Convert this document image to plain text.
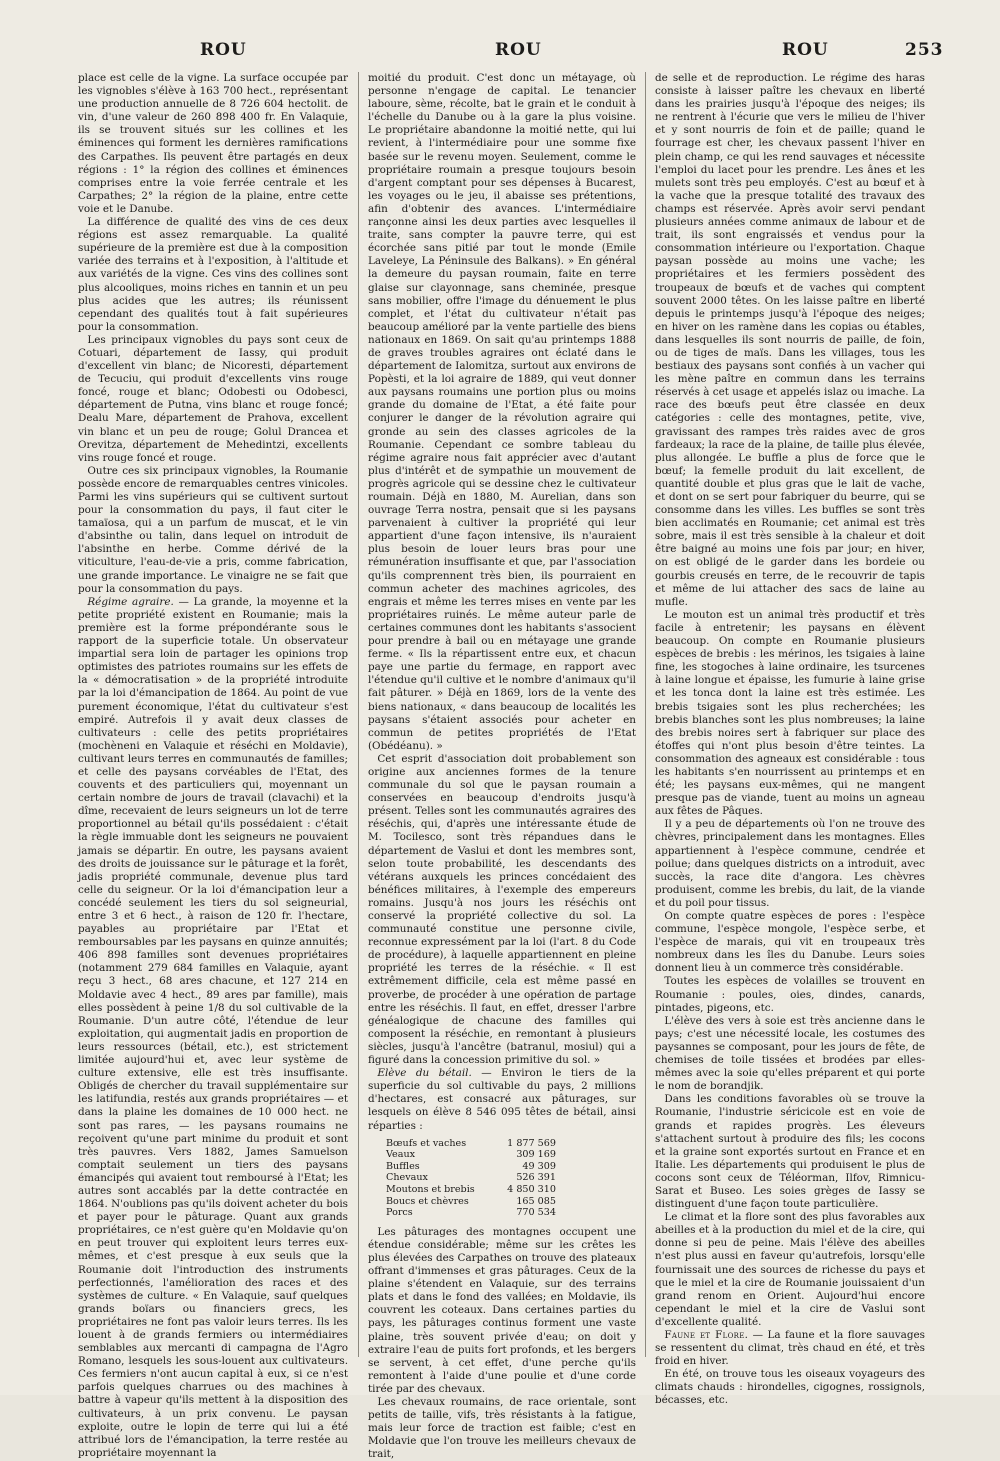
ROU	ROU	ROU	253

place est celle de la vigne. La surface occupée par les vignobles s'élève à 163 700 hect., représentant une production annuelle de 8 726 604 hectolit. de vin, d'une valeur de 260 898 400 fr. En Valaquie, ils se trouvent situés sur les collines et les éminences qui forment les dernières ramifications des Carpathes. Ils peuvent être partagés en deux régions : 1° la région des collines et éminences comprises entre la voie ferrée centrale et les Carpathes; 2° la région de la plaine, entre cette voie et le Danube.

La différence de qualité des vins de ces deux régions est assez remarquable. La qualité supérieure de la première est due à la composition variée des terrains et à l'exposition, à l'altitude et aux variétés de la vigne. Ces vins des collines sont plus alcooliques, moins riches en tannin et un peu plus acides que les autres; ils réunissent cependant des qualités tout à fait supérieures pour la consommation.

Les principaux vignobles du pays sont ceux de Cotuari, département de Iassy, qui produit d'excellent vin blanc; de Nicoresti, département de Tecuciu, qui produit d'excellents vins rouge foncé, rouge et blanc; Odobesti ou Odobesci, département de Putna, vins blanc et rouge foncé; Dealu Mare, département de Prahova, excellent vin blanc et un peu de rouge; Golul Drancea et Orevitza, département de Mehedintzi, excellents vins rouge foncé et rouge.

Outre ces six principaux vignobles, la Roumanie possède encore de remarquables centres vinicoles. Parmi les vins supérieurs qui se cultivent surtout pour la consommation du pays, il faut citer le tamaïosa, qui a un parfum de muscat, et le vin d'absinthe ou talin, dans lequel on introduit de l'absinthe en herbe. Comme dérivé de la viticulture, l'eau-de-vie a pris, comme fabrication, une grande importance. Le vinaigre ne se fait que pour la consommation du pays.

Régime agraire. — La grande, la moyenne et la petite propriété existent en Roumanie; mais la première est la forme prépondérante sous le rapport de la superficie totale. Un observateur impartial sera loin de partager les opinions trop optimistes des patriotes roumains sur les effets de la « démocratisation » de la propriété introduite par la loi d'émancipation de 1864. Au point de vue purement économique, l'état du cultivateur s'est empiré. Autrefois il y avait deux classes de cultivateurs : celle des petits propriétaires (mochèneni en Valaquie et réséchi en Moldavie), cultivant leurs terres en communautés de familles; et celle des paysans corvéables de l'Etat, des couvents et des particuliers qui, moyennant un certain nombre de jours de travail (clavachi) et la dîme, recevaient de leurs seigneurs un lot de terre proportionnel au bétail qu'ils possédaient : c'était la règle immuable dont les seigneurs ne pouvaient jamais se départir. En outre, les paysans avaient des droits de jouissance sur le pâturage et la forêt, jadis propriété communale, devenue plus tard celle du seigneur. Or la loi d'émancipation leur a concédé seulement les tiers du sol seigneurial, entre 3 et 6 hect., à raison de 120 fr. l'hectare, payables au propriétaire par l'Etat et remboursables par les paysans en quinze annuités; 406 898 familles sont devenues propriétaires (notamment 279 684 familles en Valaquie, ayant reçu 3 hect., 68 ares chacune, et 127 214 en Moldavie avec 4 hect., 89 ares par famille), mais elles possèdent à peine 1/8 du sol cultivable de la Roumanie. D'un autre côté, l'étendue de leur exploitation, qui augmentait jadis en proportion de leurs ressources (bétail, etc.), est strictement limitée aujourd'hui et, avec leur système de culture extensive, elle est très insuffisante. Obligés de chercher du travail supplémentaire sur les latifundia, restés aux grands propriétaires — et dans la plaine les domaines de 10 000 hect. ne sont pas rares, — les paysans roumains ne reçoivent qu'une part minime du produit et sont très pauvres. Vers 1882, James Samuelson comptait seulement un tiers des paysans émancipés qui avaient tout remboursé à l'Etat; les autres sont accablés par la dette contractée en 1864. N'oublions pas qu'ils doivent acheter du bois et payer pour le pâturage. Quant aux grands propriétaires, ce n'est guère qu'en Moldavie qu'on en peut trouver qui exploitent leurs terres eux-mêmes, et c'est presque à eux seuls que la Roumanie doit l'introduction des instruments perfectionnés, l'amélioration des races et des systèmes de culture. « En Valaquie, sauf quelques grands boïars ou financiers grecs, les propriétaires ne font pas valoir leurs terres. Ils les louent à de grands fermiers ou intermédiaires semblables aux mercanti di campagna de l'Agro Romano, lesquels les sous-louent aux cultivateurs. Ces fermiers n'ont aucun capital à eux, si ce n'est parfois quelques charrues ou des machines à battre à vapeur qu'ils mettent à la disposition des cultivateurs, à un prix convenu. Le paysan exploite, outre le lopin de terre qui lui a été attribué lors de l'émancipation, la terre restée au propriétaire moyennant la

moitié du produit. C'est donc un métayage, où personne n'engage de capital. Le tenancier laboure, sème, récolte, bat le grain et le conduit à l'échelle du Danube ou à la gare la plus voisine. Le propriétaire abandonne la moitié nette, qui lui revient, à l'intermédiaire pour une somme fixe basée sur le revenu moyen. Seulement, comme le propriétaire roumain a presque toujours besoin d'argent comptant pour ses dépenses à Bucarest, les voyages ou le jeu, il abaisse ses prétentions, afin d'obtenir des avances. L'intermédiaire rançonne ainsi les deux parties avec lesquelles il traite, sans compter la pauvre terre, qui est écorchée sans pitié par tout le monde (Emile Laveleye, La Péninsule des Balkans). » En général la demeure du paysan roumain, faite en terre glaise sur clayonnage, sans cheminée, presque sans mobilier, offre l'image du dénuement le plus complet, et l'état du cultivateur n'était pas beaucoup amélioré par la vente partielle des biens nationaux en 1869. On sait qu'au printemps 1888 de graves troubles agraires ont éclaté dans le département de Ialomitza, surtout aux environs de Popèsti, et la loi agraire de 1889, qui veut donner aux paysans roumains une portion plus ou moins grande du domaine de l'Etat, a été faite pour conjurer le danger de la révolution agraire qui gronde au sein des classes agricoles de la Roumanie. Cependant ce sombre tableau du régime agraire nous fait apprécier avec d'autant plus d'intérêt et de sympathie un mouvement de progrès agricole qui se dessine chez le cultivateur roumain. Déjà en 1880, M. Aurelian, dans son ouvrage Terra nostra, pensait que si les paysans parvenaient à cultiver la propriété qui leur appartient d'une façon intensive, ils n'auraient plus besoin de louer leurs bras pour une rémunération insuffisante et que, par l'association qu'ils comprennent très bien, ils pourraient en commun acheter des machines agricoles, des engrais et même les terres mises en vente par les propriétaires ruinés. Le même auteur parle de certaines communes dont les habitants s'associent pour prendre à bail ou en métayage une grande ferme. « Ils la répartissent entre eux, et chacun paye une partie du fermage, en rapport avec l'étendue qu'il cultive et le nombre d'animaux qu'il fait pâturer. » Déjà en 1869, lors de la vente des biens nationaux, « dans beaucoup de localités les paysans s'étaient associés pour acheter en commun de petites propriétés de l'Etat (Obédéanu). »

Cet esprit d'association doit probablement son origine aux anciennes formes de la tenure communale du sol que le paysan roumain a conservées en beaucoup d'endroits jusqu'à présent. Telles sont les communautés agraires des réséchis, qui, d'après une intéressante étude de M. Tocilesco, sont très répandues dans le département de Vaslui et dont les membres sont, selon toute probabilité, les descendants des vétérans auxquels les princes concédaient des bénéfices militaires, à l'exemple des empereurs romains. Jusqu'à nos jours les réséchis ont conservé la propriété collective du sol. La communauté constitue une personne civile, reconnue expressément par la loi (l'art. 8 du Code de procédure), à laquelle appartiennent en pleine propriété les terres de la réséchie. « Il est extrêmement difficile, cela est même passé en proverbe, de procéder à une opération de partage entre les réséchis. Il faut, en effet, dresser l'arbre généalogique de chacune des familles qui composent la réséchie, en remontant à plusieurs siècles, jusqu'à l'ancêtre (batranul, mosiul) qui a figuré dans la concession primitive du sol. »

Elève du bétail. — Environ le tiers de la superficie du sol cultivable du pays, 2 millions d'hectares, est consacré aux pâturages, sur lesquels on élève 8 546 095 têtes de bétail, ainsi réparties :

Bœufs et vaches	1 877 569
Veaux	309 169
Buffles	49 309
Chevaux	526 391
Moutons et brebis	4 850 310
Boucs et chèvres	165 085
Porcs	770 534

Les pâturages des montagnes occupent une étendue considérable; même sur les crêtes les plus élevées des Carpathes on trouve des plateaux offrant d'immenses et gras pâturages. Ceux de la plaine s'étendent en Valaquie, sur des terrains plats et dans le fond des vallées; en Moldavie, ils couvrent les coteaux. Dans certaines parties du pays, les pâturages continus forment une vaste plaine, très souvent privée d'eau; on doit y extraire l'eau de puits fort profonds, et les bergers se servent, à cet effet, d'une perche qu'ils remontent à l'aide d'une poulie et d'une corde tirée par des chevaux.

Les chevaux roumains, de race orientale, sont petits de taille, vifs, très résistants à la fatigue, mais leur force de traction est faible; c'est en Moldavie que l'on trouve les meilleurs chevaux de trait,

de selle et de reproduction. Le régime des haras consiste à laisser paître les chevaux en liberté dans les prairies jusqu'à l'époque des neiges; ils ne rentrent à l'écurie que vers le milieu de l'hiver et y sont nourris de foin et de paille; quand le fourrage est cher, les chevaux passent l'hiver en plein champ, ce qui les rend sauvages et nécessite l'emploi du lacet pour les prendre. Les ânes et les mulets sont très peu employés. C'est au bœuf et à la vache que la presque totalité des travaux des champs est réservée. Après avoir servi pendant plusieurs années comme animaux de labour et de trait, ils sont engraissés et vendus pour la consommation intérieure ou l'exportation. Chaque paysan possède au moins une vache; les propriétaires et les fermiers possèdent des troupeaux de bœufs et de vaches qui comptent souvent 2000 têtes. On les laisse paître en liberté depuis le printemps jusqu'à l'époque des neiges; en hiver on les ramène dans les copias ou étables, dans lesquelles ils sont nourris de paille, de foin, ou de tiges de maïs. Dans les villages, tous les bestiaux des paysans sont confiés à un vacher qui les mène paître en commun dans les terrains réservés à cet usage et appelés islaz ou imache. La race des bœufs peut être classée en deux catégories : celle des montagnes, petite, vive, gravissant des rampes très raides avec de gros fardeaux; la race de la plaine, de taille plus élevée, plus allongée. Le buffle a plus de force que le bœuf; la femelle produit du lait excellent, de quantité double et plus gras que le lait de vache, et dont on se sert pour fabriquer du beurre, qui se consomme dans les villes. Les buffles se sont très bien acclimatés en Roumanie; cet animal est très sobre, mais il est très sensible à la chaleur et doit être baigné au moins une fois par jour; en hiver, on est obligé de le garder dans les bordeie ou gourbis creusés en terre, de le recouvrir de tapis et même de lui attacher des sacs de laine au mufle.

Le mouton est un animal très productif et très facile à entretenir; les paysans en élèvent beaucoup. On compte en Roumanie plusieurs espèces de brebis : les mérinos, les tsigaies à laine fine, les stogoches à laine ordinaire, les tsurcenes à laine longue et épaisse, les fumurie à laine grise et les tonca dont la laine est très estimée. Les brebis tsigaies sont les plus recherchées; les brebis blanches sont les plus nombreuses; la laine des brebis noires sert à fabriquer sur place des étoffes qui n'ont plus besoin d'être teintes. La consommation des agneaux est considérable : tous les habitants s'en nourrissent au printemps et en été; les paysans eux-mêmes, qui ne mangent presque pas de viande, tuent au moins un agneau aux fêtes de Pâques.

Il y a peu de départements où l'on ne trouve des chèvres, principalement dans les montagnes. Elles appartiennent à l'espèce commune, cendrée et poilue; dans quelques districts on a introduit, avec succès, la race dite d'angora. Les chèvres produisent, comme les brebis, du lait, de la viande et du poil pour tissus.

On compte quatre espèces de pores : l'espèce commune, l'espèce mongole, l'espèce serbe, et l'espèce de marais, qui vit en troupeaux très nombreux dans les îles du Danube. Leurs soies donnent lieu à un commerce très considérable.

Toutes les espèces de volailles se trouvent en Roumanie : poules, oies, dindes, canards, pintades, pigeons, etc.

L'élève des vers à soie est très ancienne dans le pays; c'est une nécessité locale, les costumes des paysannes se composant, pour les jours de fête, de chemises de toile tissées et brodées par elles-mêmes avec la soie qu'elles préparent et qui porte le nom de borandjik.

Dans les conditions favorables où se trouve la Roumanie, l'industrie séricicole est en voie de grands et rapides progrès. Les éleveurs s'attachent surtout à produire des fils; les cocons et la graine sont exportés surtout en France et en Italie. Les départements qui produisent le plus de cocons sont ceux de Téléorman, Ilfov, Rimnicu-Sarat et Buseo. Les soies grèges de Iassy se distinguent d'une façon toute particulière.

Le climat et la flore sont des plus favorables aux abeilles et à la production du miel et de la cire, qui donne si peu de peine. Mais l'élève des abeilles n'est plus aussi en faveur qu'autrefois, lorsqu'elle fournissait une des sources de richesse du pays et que le miel et la cire de Roumanie jouissaient d'un grand renom en Orient. Aujourd'hui encore cependant le miel et la cire de Vaslui sont d'excellente qualité.

Faune et Flore. — La faune et la flore sauvages se ressentent du climat, très chaud en été, et très froid en hiver.

En été, on trouve tous les oiseaux voyageurs des climats chauds : hirondelles, cigognes, rossignols, bécasses, etc.
